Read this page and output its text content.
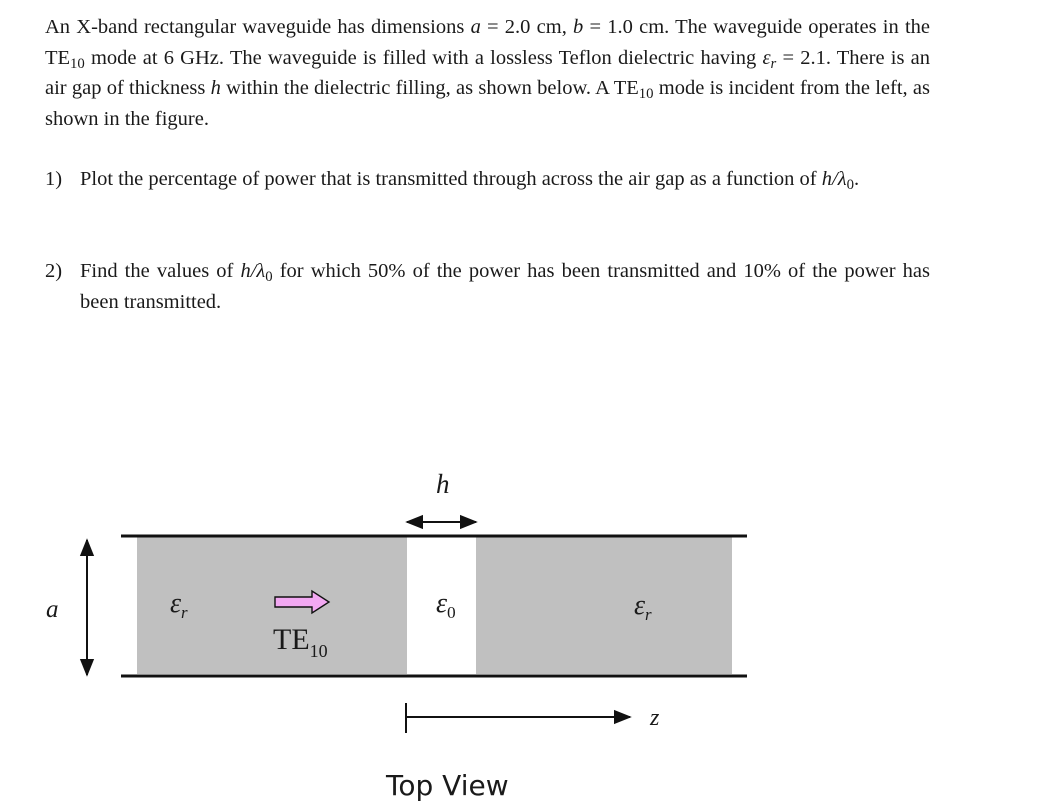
An X-band rectangular waveguide has dimensions a = 2.0 cm, b = 1.0 cm. The waveguide operates in the $TE_{10}$ mode at 6 GHz. The waveguide is filled with a lossless Teflon dielectric having $\varepsilon_r = 2.1$. There is an air gap of thickness h within the dielectric filling, as shown below. A $TE_{10}$ mode is incident from the left, as shown in the figure.

1) Plot the percentage of power that is transmitted through across the air gap as a function of $h/\lambda_0$.
2) Find the values of $h/\lambda_0$ for which 50% of the power has been transmitted and 10% of the power has been transmitted.
h
a	$\varepsilon_r$	$\varepsilon_0$	$\varepsilon_r$
$TE_{10}$
z
Top View
